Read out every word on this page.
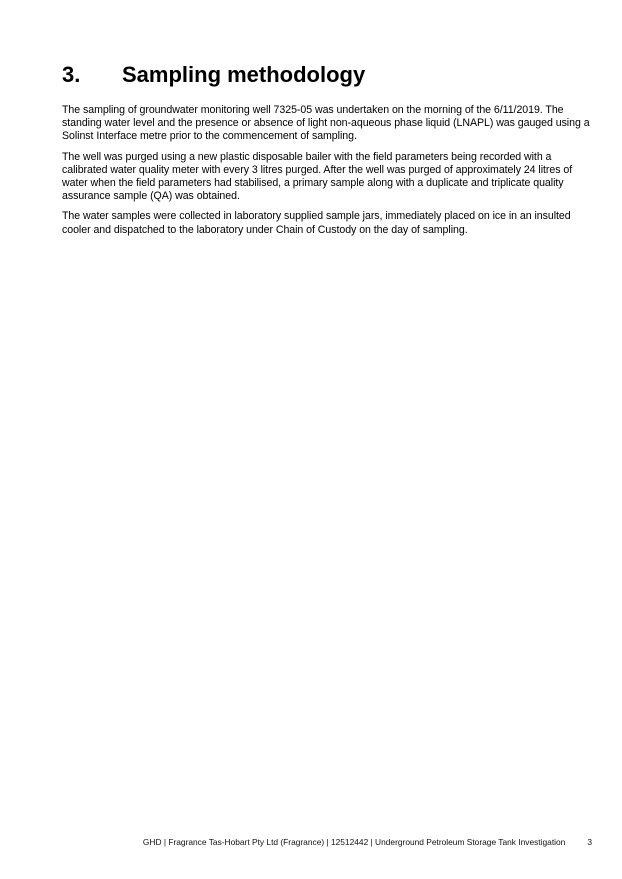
3. Sampling methodology

The sampling of groundwater monitoring well 7325-05 was undertaken on the morning of the 6/11/2019. The standing water level and the presence or absence of light non-aqueous phase liquid (LNAPL) was gauged using a Solinst Interface metre prior to the commencement of sampling.

The well was purged using a new plastic disposable bailer with the field parameters being recorded with a calibrated water quality meter with every 3 litres purged. After the well was purged of approximately 24 litres of water when the field parameters had stabilised, a primary sample along with a duplicate and triplicate quality assurance sample (QA) was obtained.

The water samples were collected in laboratory supplied sample jars, immediately placed on ice in an insulted cooler and dispatched to the laboratory under Chain of Custody on the day of sampling.

GHD | Fragrance Tas-Hobart Pty Ltd (Fragrance) | 12512442 | Underground Petroleum Storage Tank Investigation	3
